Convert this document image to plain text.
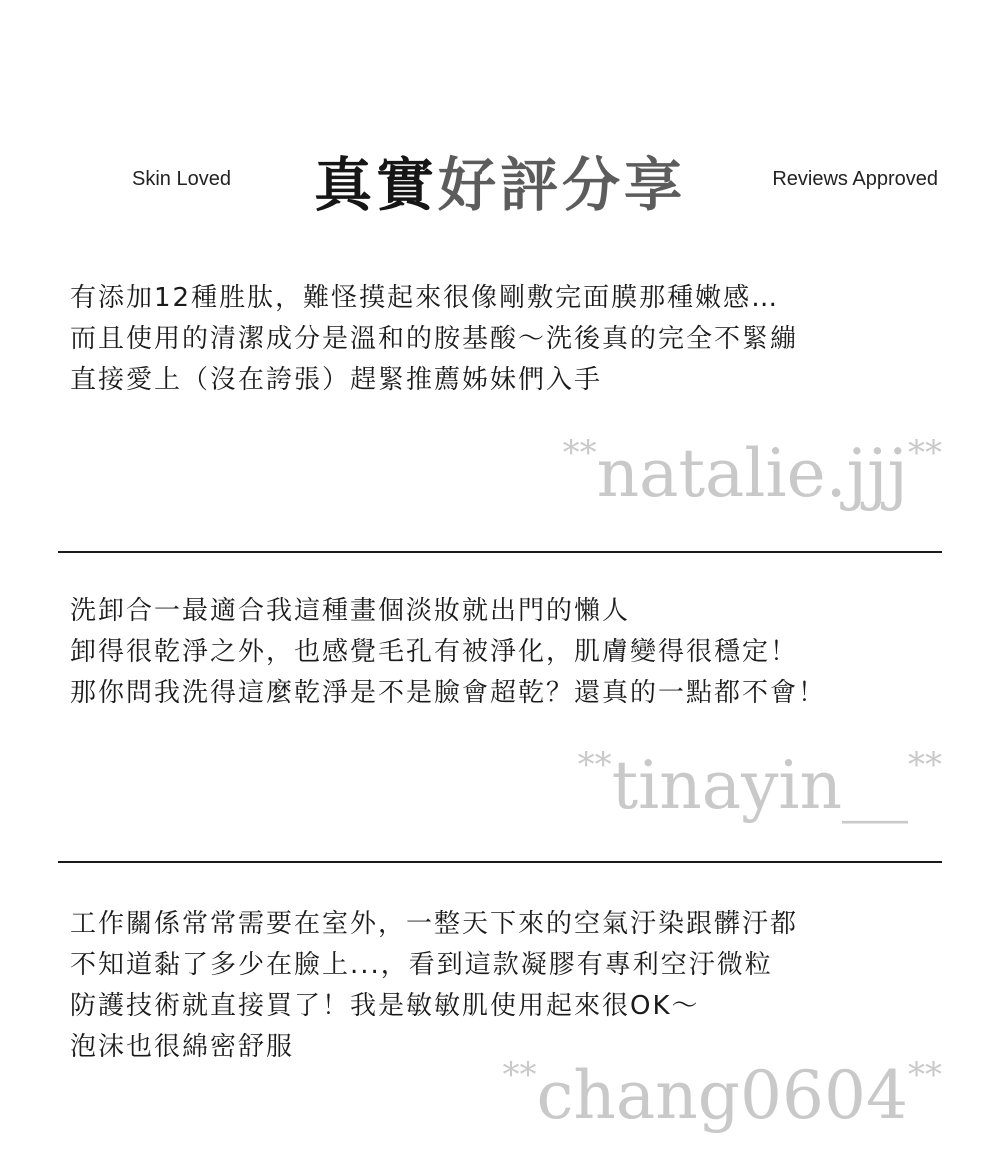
Skin Loved	真實好評分享	Reviews Approved
有添加12種胜肽，難怪摸起來很像剛敷完面膜那種嫩感…
而且使用的清潔成分是溫和的胺基酸～洗後真的完全不緊繃
直接愛上（沒在誇張）趕緊推薦姊妹們入手
**natalie.jjj**
洗卸合一最適合我這種畫個淡妝就出門的懶人
卸得很乾淨之外，也感覺毛孔有被淨化，肌膚變得很穩定！
那你問我洗得這麼乾淨是不是臉會超乾？還真的一點都不會！
**tinayin__**
工作關係常常需要在室外，一整天下來的空氣汙染跟髒汙都
不知道黏了多少在臉上...，看到這款凝膠有專利空汙微粒
防護技術就直接買了！我是敏敏肌使用起來很OK～
泡沫也很綿密舒服
**chang0604**
